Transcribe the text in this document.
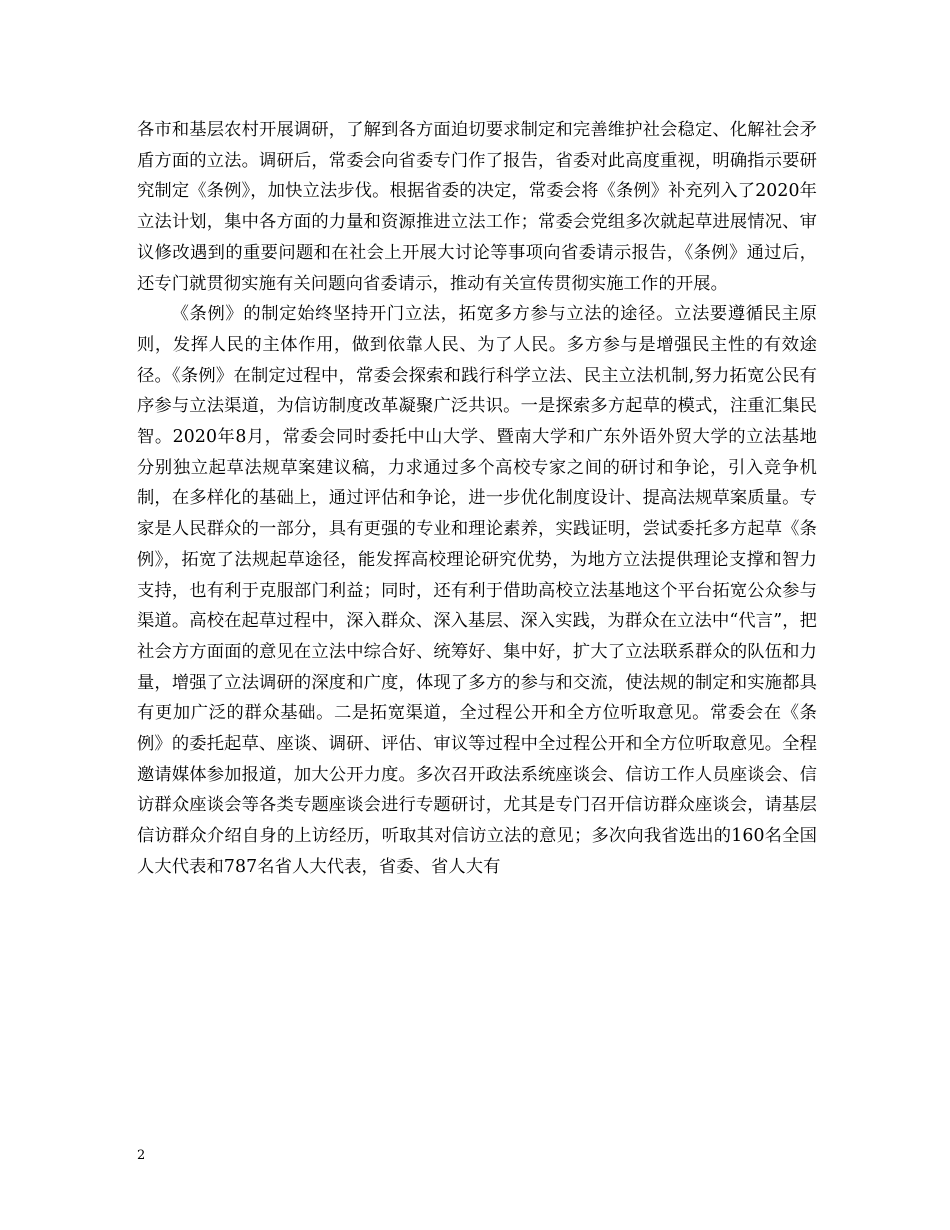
各市和基层农村开展调研，了解到各方面迫切要求制定和完善维护社会稳定、化解社会矛盾方面的立法。调研后，常委会向省委专门作了报告，省委对此高度重视，明确指示要研究制定《条例》，加快立法步伐。根据省委的决定，常委会将《条例》补充列入了2020年立法计划，集中各方面的力量和资源推进立法工作；常委会党组多次就起草进展情况、审议修改遇到的重要问题和在社会上开展大讨论等事项向省委请示报告，《条例》通过后，还专门就贯彻实施有关问题向省委请示，推动有关宣传贯彻实施工作的开展。

《条例》的制定始终坚持开门立法，拓宽多方参与立法的途径。立法要遵循民主原则，发挥人民的主体作用，做到依靠人民、为了人民。多方参与是增强民主性的有效途径。《条例》在制定过程中，常委会探索和践行科学立法、民主立法机制,努力拓宽公民有序参与立法渠道，为信访制度改革凝聚广泛共识。一是探索多方起草的模式，注重汇集民智。2020年8月，常委会同时委托中山大学、暨南大学和广东外语外贸大学的立法基地分别独立起草法规草案建议稿，力求通过多个高校专家之间的研讨和争论，引入竞争机制，在多样化的基础上，通过评估和争论，进一步优化制度设计、提高法规草案质量。专家是人民群众的一部分，具有更强的专业和理论素养，实践证明，尝试委托多方起草《条例》，拓宽了法规起草途径，能发挥高校理论研究优势，为地方立法提供理论支撑和智力支持，也有利于克服部门利益；同时，还有利于借助高校立法基地这个平台拓宽公众参与渠道。高校在起草过程中，深入群众、深入基层、深入实践，为群众在立法中“代言”，把社会方方面面的意见在立法中综合好、统筹好、集中好，扩大了立法联系群众的队伍和力量，增强了立法调研的深度和广度，体现了多方的参与和交流，使法规的制定和实施都具有更加广泛的群众基础。二是拓宽渠道，全过程公开和全方位听取意见。常委会在《条例》的委托起草、座谈、调研、评估、审议等过程中全过程公开和全方位听取意见。全程邀请媒体参加报道，加大公开力度。多次召开政法系统座谈会、信访工作人员座谈会、信访群众座谈会等各类专题座谈会进行专题研讨，尤其是专门召开信访群众座谈会，请基层信访群众介绍自身的上访经历，听取其对信访立法的意见；多次向我省选出的160名全国人大代表和787名省人大代表，省委、省人大有

2
